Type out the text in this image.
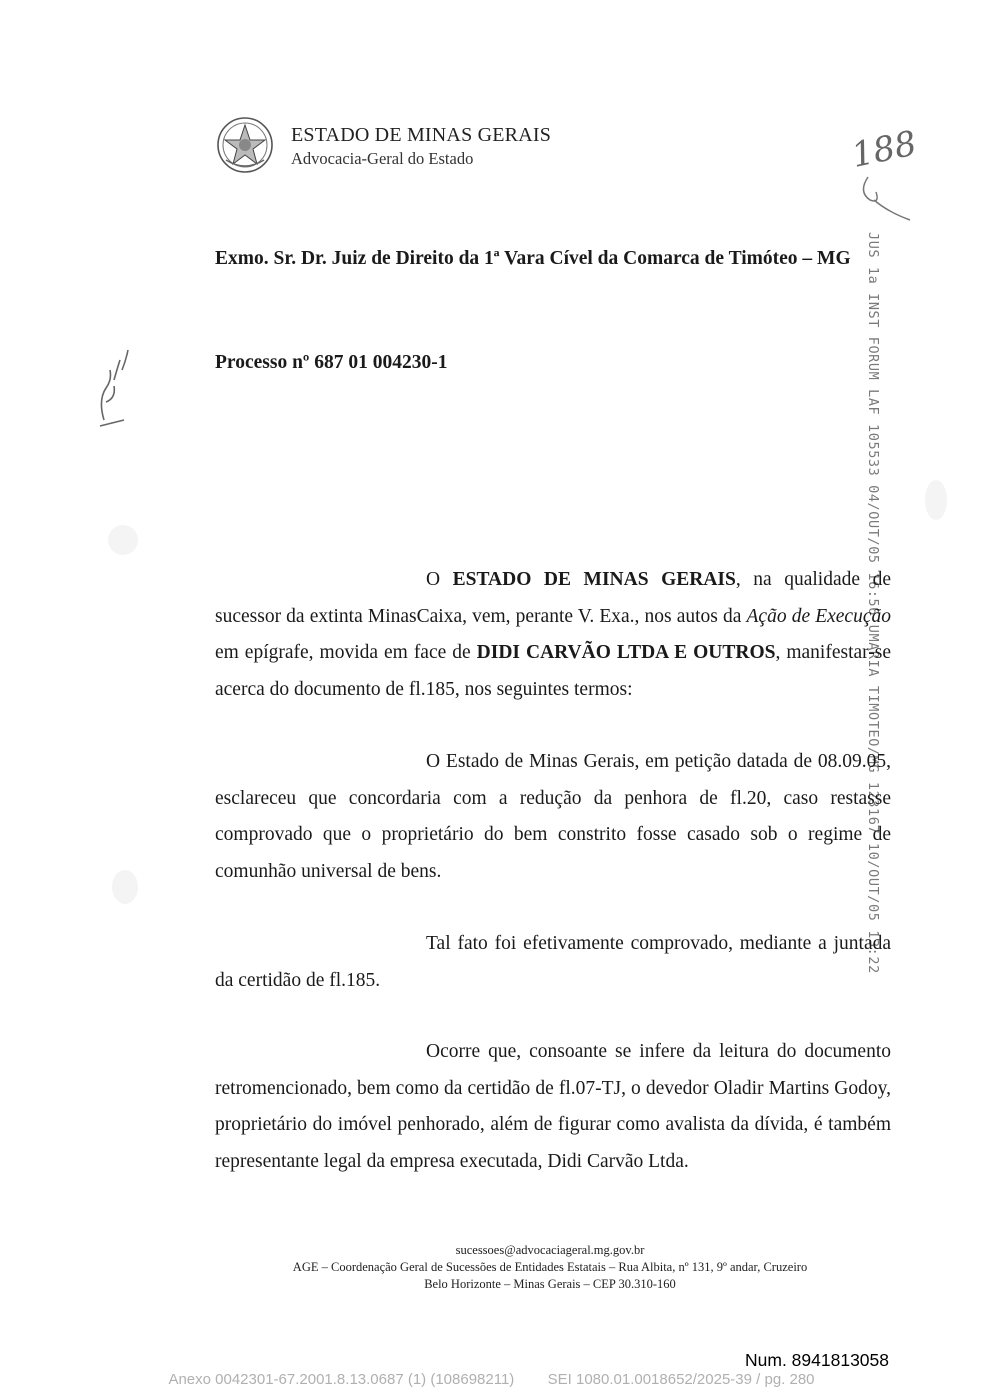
ESTADO DE MINAS GERAIS
Advocacia-Geral do Estado	188
JUS 1a INST FORUM LAF 105533 04/OUT/05 16:56 UMARIA TIMOTEO/MG 123167 10/OUT/05 13:22
Exmo. Sr. Dr. Juiz de Direito da 1ª Vara Cível da Comarca de Timóteo – MG
Processo nº 687 01 004230-1
O ESTADO DE MINAS GERAIS, na qualidade de sucessor da extinta MinasCaixa, vem, perante V. Exa., nos autos da Ação de Execução em epígrafe, movida em face de DIDI CARVÃO LTDA E OUTROS, manifestar-se acerca do documento de fl.185, nos seguintes termos:
O Estado de Minas Gerais, em petição datada de 08.09.05, esclareceu que concordaria com a redução da penhora de fl.20, caso restasse comprovado que o proprietário do bem constrito fosse casado sob o regime de comunhão universal de bens.
Tal fato foi efetivamente comprovado, mediante a juntada da certidão de fl.185.
Ocorre que, consoante se infere da leitura do documento retromencionado, bem como da certidão de fl.07-TJ, o devedor Oladir Martins Godoy, proprietário do imóvel penhorado, além de figurar como avalista da dívida, é também representante legal da empresa executada, Didi Carvão Ltda.
sucessoes@advocaciageral.mg.gov.br
AGE – Coordenação Geral de Sucessões de Entidades Estatais – Rua Albita, nº 131, 9º andar, Cruzeiro
Belo Horizonte – Minas Gerais – CEP 30.310-160
Num. 8941813058
Anexo 0042301-67.2001.8.13.0687 (1) (108698211)        SEI 1080.01.0018652/2025-39 / pg. 280
